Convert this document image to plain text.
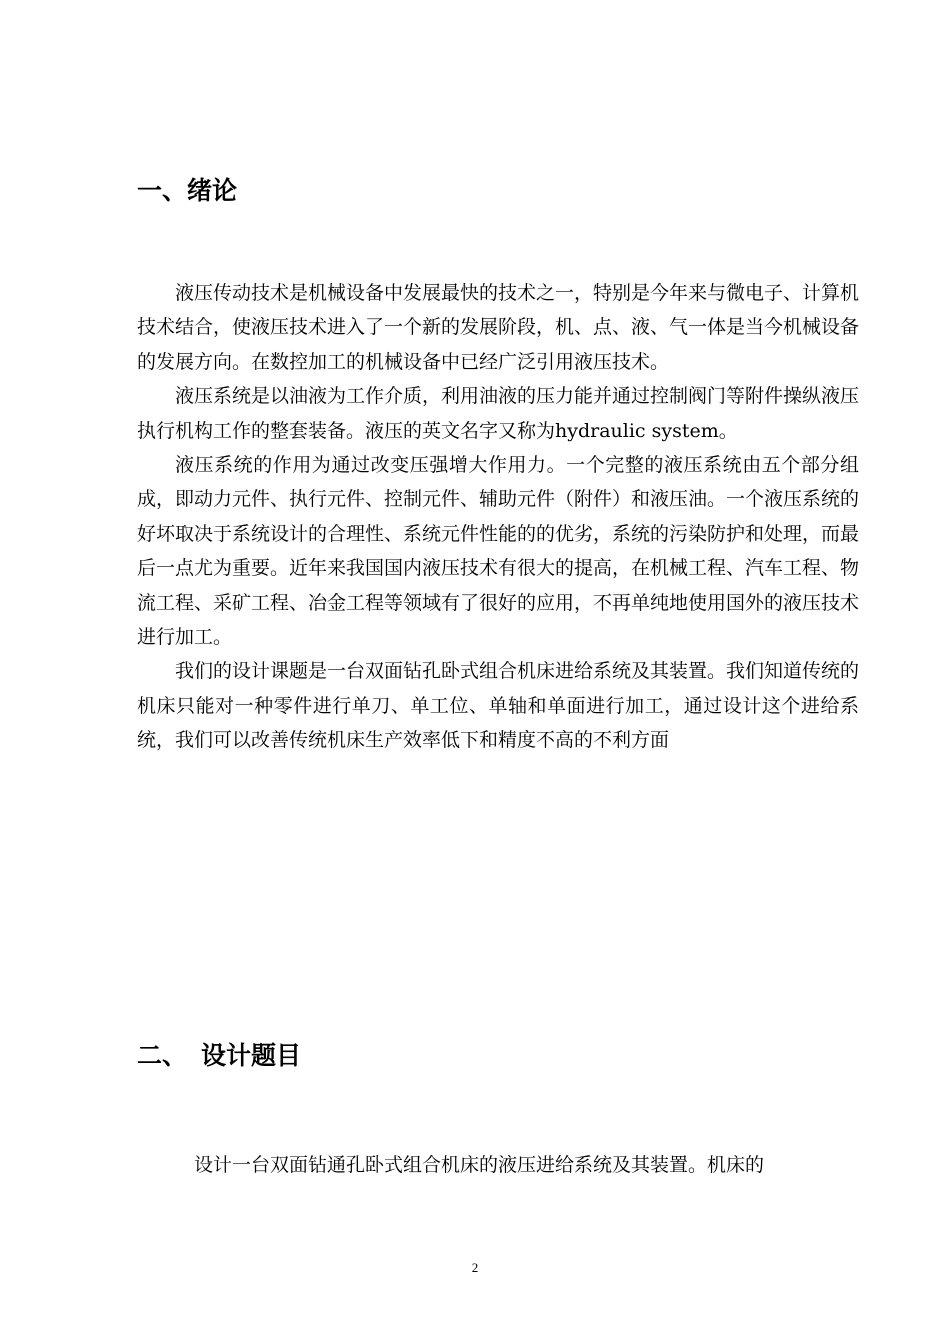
一、绪论

液压传动技术是机械设备中发展最快的技术之一，特别是今年来与微电子、计算机技术结合，使液压技术进入了一个新的发展阶段，机、点、液、气一体是当今机械设备的发展方向。在数控加工的机械设备中已经广泛引用液压技术。

液压系统是以油液为工作介质，利用油液的压力能并通过控制阀门等附件操纵液压执行机构工作的整套装备。液压的英文名字又称为hydraulic system。

液压系统的作用为通过改变压强增大作用力。一个完整的液压系统由五个部分组成，即动力元件、执行元件、控制元件、辅助元件（附件）和液压油。一个液压系统的好坏取决于系统设计的合理性、系统元件性能的的优劣，系统的污染防护和处理，而最后一点尤为重要。近年来我国国内液压技术有很大的提高，在机械工程、汽车工程、物流工程、采矿工程、冶金工程等领域有了很好的应用，不再单纯地使用国外的液压技术进行加工。

我们的设计课题是一台双面钻孔卧式组合机床进给系统及其装置。我们知道传统的机床只能对一种零件进行单刀、单工位、单轴和单面进行加工，通过设计这个进给系统，我们可以改善传统机床生产效率低下和精度不高的不利方面

二、 设计题目

设计一台双面钻通孔卧式组合机床的液压进给系统及其装置。机床的

2
